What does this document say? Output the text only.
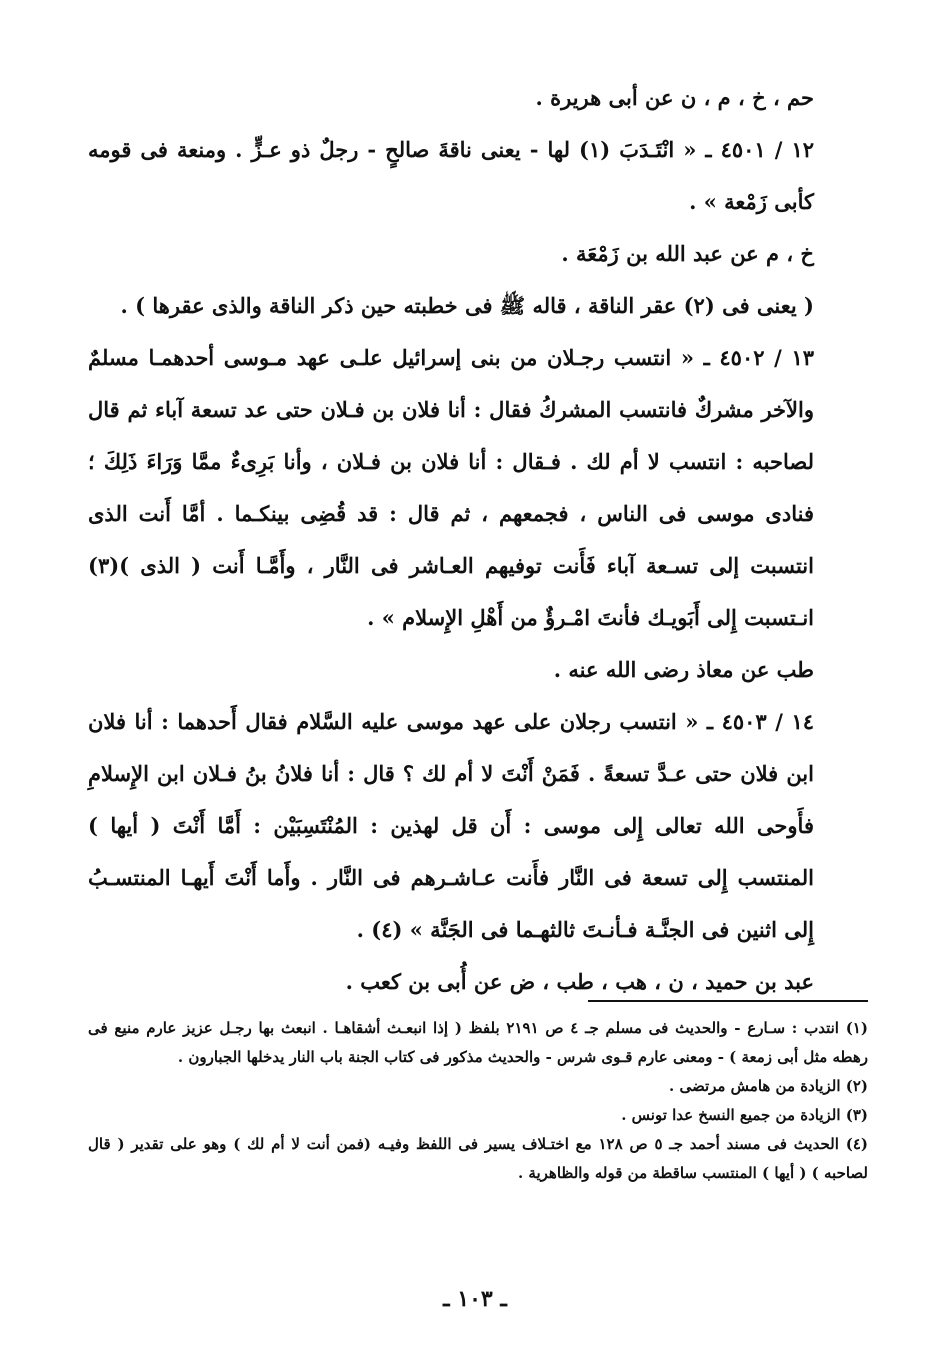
حم ، خ ، م ، ن عن أبى هريرة .

١٢ / ٤٥٠١ ـ « انْتَـدَبَ (١) لها - يعنى ناقةَ صالحٍ - رجلٌ ذو عـزٍّ . ومنعة فى قومه كأبى زَمْعة » .

خ ، م عن عبد الله بن زَمْعَة .

( يعنى فى (٢) عقر الناقة ، قاله ﷺ فى خطبته حين ذكر الناقة والذى عقرها ) .

١٣ / ٤٥٠٢ ـ « انتسب رجـلان من بنى إسرائيل علـى عهد مـوسى أحدهمـا مسلمٌ والآخر مشركٌ فانتسب المشركُ فقال : أنا فلان بن فـلان حتى عد تسعة آباء ثم قال لصاحبه : انتسب لا أم لك . فـقال : أنا فلان بن فـلان ، وأنا بَرِىءٌ ممَّا وَرَاءَ ذَلِكَ ؛ فنادى موسى فى الناس ، فجمعهم ، ثم قال : قد قُضِى بينكـما . أمَّا أَنت الذى انتسبت إلى تسـعة آباء فَأَنت توفيهم العـاشر فى النَّار ، وأَمَّـا أَنت ( الذى )(٣) انـتسبت إِلى أَبَويـك فأنتَ امْـرؤٌ من أَهْلِ الإِسلام » .

طب عن معاذ رضى الله عنه .

١٤ / ٤٥٠٣ ـ « انتسب رجلان على عهد موسى عليه السَّلام فقال أَحدهما : أنا فلان ابن فلان حتى عـدَّ تسعةً . فَمَنْ أَنْتَ لا أم لك ؟ قال : أنا فلانُ بنُ فـلان ابن الإِسلامِ فأَوحى الله تعالى إِلى موسى : أَن قل لهذين : المُنْتَسِبَيْن : أَمَّا أَنْتَ ( أيها ) المنتسب إِلى تسعة فى النَّار فأَنت عـاشـرهم فى النَّار . وأَما أَنْتَ أَيهـا المنتسـبُ إِلى اثنين فى الجنَّـة فـأنـتَ ثالثهـما فى الجَنَّة » (٤) .

عبد بن حميد ، ن ، هب ، طب ، ض عن أُبى بن كعب .

(١) انتدب : سـارع - والحديث فى مسلم جـ ٤ ص ٢١٩١ بلفظ ( إذا انبعـث أشقاهـا . انبعث بها رجـل عزيز عارم منيع فى رهطه مثل أبى زمعة ) - ومعنى عارم قـوى شرس - والحديث مذكور فى كتاب الجنة باب النار يدخلها الجبارون .

(٢) الزيادة من هامش مرتضى .

(٣) الزيادة من جميع النسخ عدا تونس .

(٤) الحديث فى مسند أحمد جـ ٥ ص ١٢٨ مع اختـلاف يسير فى اللفظ وفيـه (فمن أنت لا أم لك ) وهو على تقدير ( قال لصاحبه ) ( أيها ) المنتسب ساقطة من قوله والظاهرية .

ـ ١٠٣ ـ
